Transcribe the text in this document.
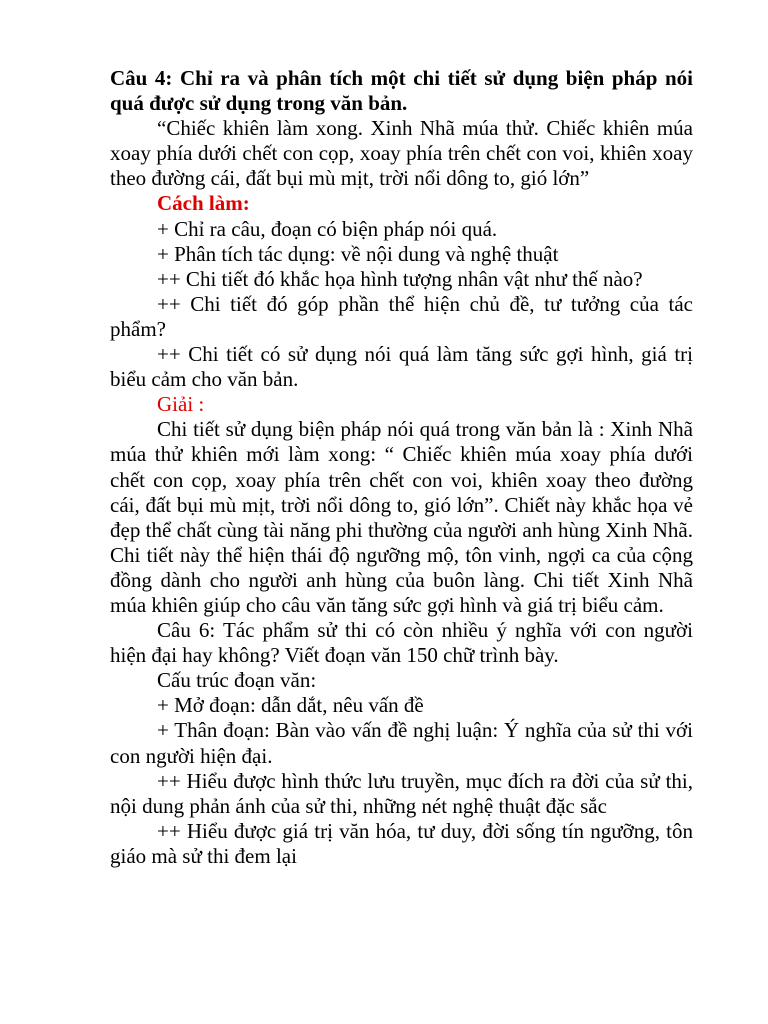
Câu 4: Chỉ ra và phân tích một chi tiết sử dụng biện pháp nói quá được sử dụng trong văn bản.

“Chiếc khiên làm xong. Xinh Nhã múa thử. Chiếc khiên múa xoay phía dưới chết con cọp, xoay phía trên chết con voi, khiên xoay theo đường cái, đất bụi mù mịt, trời nổi dông to, gió lớn”

Cách làm:

+ Chỉ ra câu, đoạn có biện pháp nói quá.

+ Phân tích tác dụng: về nội dung và nghệ thuật

++ Chi tiết đó khắc họa hình tượng nhân vật như thế nào?

++ Chi tiết đó góp phần thể hiện chủ đề, tư tưởng của tác phẩm?

++ Chi tiết có sử dụng nói quá làm tăng sức gợi hình, giá trị biểu cảm cho văn bản.

Giải :

Chi tiết sử dụng biện pháp nói quá trong văn bản là : Xinh Nhã múa thử khiên mới làm xong: “ Chiếc khiên múa xoay phía dưới chết con cọp, xoay phía trên chết con voi, khiên xoay theo đường cái, đất bụi mù mịt, trời nổi dông to, gió lớn”. Chiết này khắc họa vẻ đẹp thể chất cùng tài năng phi thường của người anh hùng Xinh Nhã. Chi tiết này thể hiện thái độ ngưỡng mộ, tôn vinh, ngợi ca của cộng đồng dành cho người anh hùng của buôn làng. Chi tiết Xinh Nhã múa khiên giúp cho câu văn tăng sức gợi hình và giá trị biểu cảm.

Câu 6: Tác phẩm sử thi có còn nhiều ý nghĩa với con người hiện đại hay không? Viết đoạn văn 150 chữ trình bày.

Cấu trúc đoạn văn:

+ Mở đoạn: dẫn dắt, nêu vấn đề

+ Thân đoạn: Bàn vào vấn đề nghị luận: Ý nghĩa của sử thi với con người hiện đại.

++ Hiểu được hình thức lưu truyền, mục đích ra đời của sử thi, nội dung phản ánh của sử thi, những nét nghệ thuật đặc sắc

++ Hiểu được giá trị văn hóa, tư duy, đời sống tín ngưỡng, tôn giáo mà sử thi đem lại
